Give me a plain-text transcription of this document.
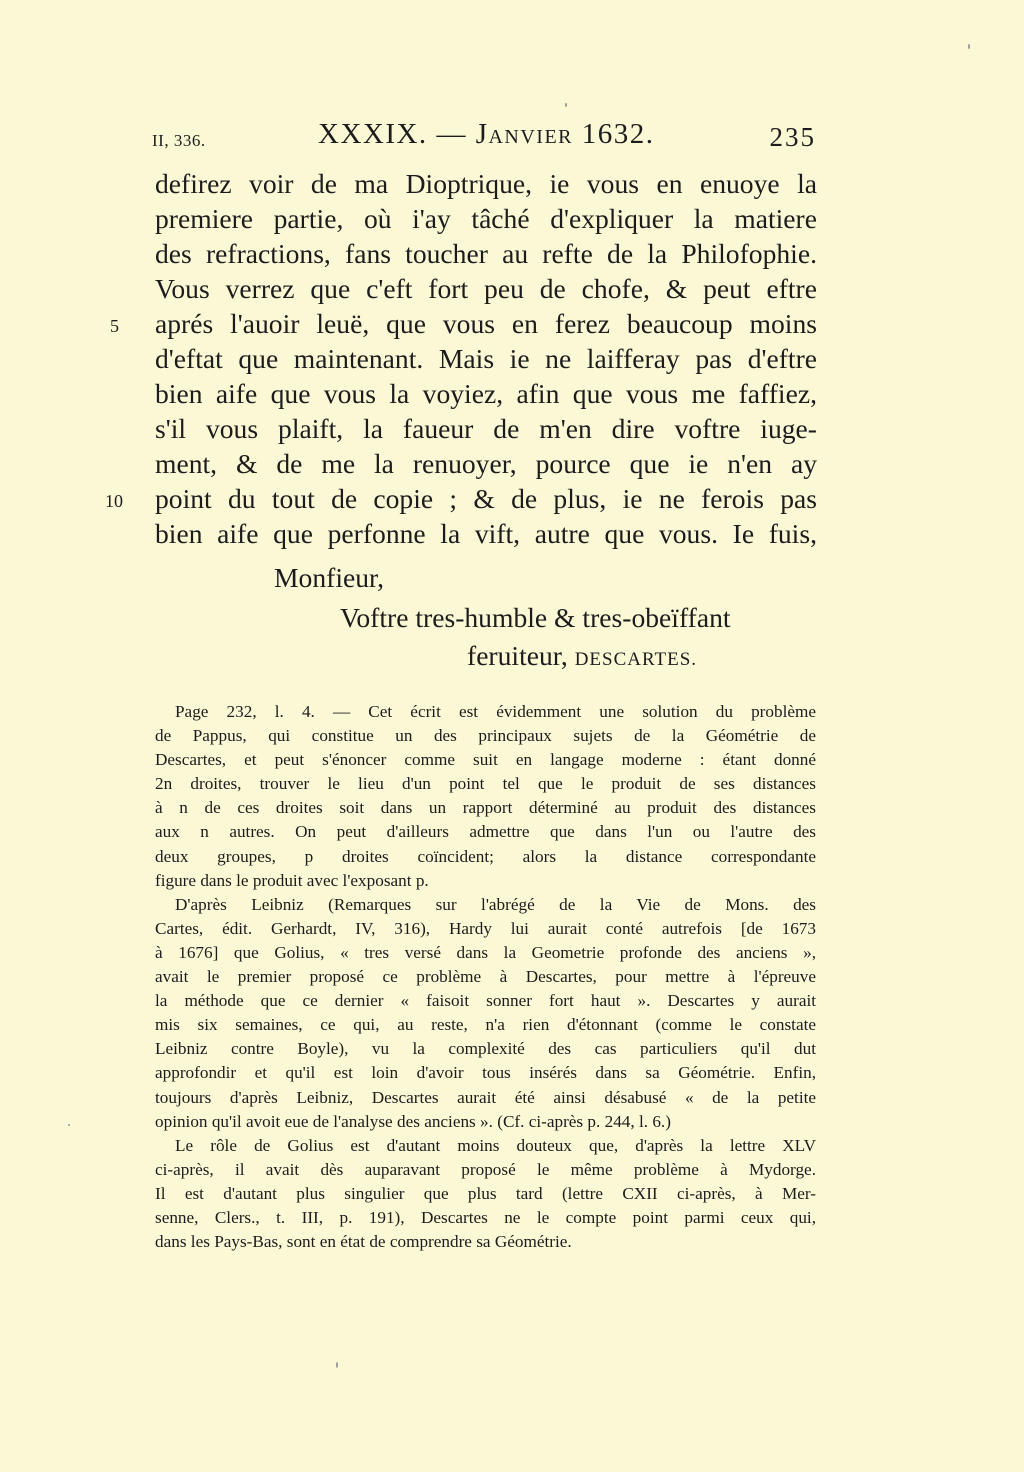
II, 336.	XXXIX. — Janvier 1632.	235
5
10
defirez voir de ma Dioptrique, ie vous en enuoye la
premiere partie, où i'ay tâché d'expliquer la matiere
des refractions, fans toucher au refte de la Philofophie.
Vous verrez que c'eft fort peu de chofe, & peut eftre
aprés l'auoir leuë, que vous en ferez beaucoup moins
d'eftat que maintenant. Mais ie ne laifferay pas d'eftre
bien aife que vous la voyiez, afin que vous me faffiez,
s'il vous plaift, la faueur de m'en dire voftre iuge-
ment, & de me la renuoyer, pource que ie n'en ay
point du tout de copie ; & de plus, ie ne ferois pas
bien aife que perfonne la vift, autre que vous. Ie fuis,
Monfieur,
Voftre tres-humble & tres-obeïffant
feruiteur, DESCARTES.
Page 232, l. 4. — Cet écrit est évidemment une solution du problème
de Pappus, qui constitue un des principaux sujets de la Géométrie de
Descartes, et peut s'énoncer comme suit en langage moderne : étant donné
2n droites, trouver le lieu d'un point tel que le produit de ses distances
à n de ces droites soit dans un rapport déterminé au produit des distances
aux n autres. On peut d'ailleurs admettre que dans l'un ou l'autre des
deux groupes, p droites coïncident; alors la distance correspondante
figure dans le produit avec l'exposant p.
D'après Leibniz (Remarques sur l'abrégé de la Vie de Mons. des
Cartes, édit. Gerhardt, IV, 316), Hardy lui aurait conté autrefois [de 1673
à 1676] que Golius, « tres versé dans la Geometrie profonde des anciens »,
avait le premier proposé ce problème à Descartes, pour mettre à l'épreuve
la méthode que ce dernier « faisoit sonner fort haut ». Descartes y aurait
mis six semaines, ce qui, au reste, n'a rien d'étonnant (comme le constate
Leibniz contre Boyle), vu la complexité des cas particuliers qu'il dut
approfondir et qu'il est loin d'avoir tous insérés dans sa Géométrie. Enfin,
toujours d'après Leibniz, Descartes aurait été ainsi désabusé « de la petite
opinion qu'il avoit eue de l'analyse des anciens ». (Cf. ci-après p. 244, l. 6.)
Le rôle de Golius est d'autant moins douteux que, d'après la lettre XLV
ci-après, il avait dès auparavant proposé le même problème à Mydorge.
Il est d'autant plus singulier que plus tard (lettre CXII ci-après, à Mer-
senne, Clers., t. III, p. 191), Descartes ne le compte point parmi ceux qui,
dans les Pays-Bas, sont en état de comprendre sa Géométrie.
